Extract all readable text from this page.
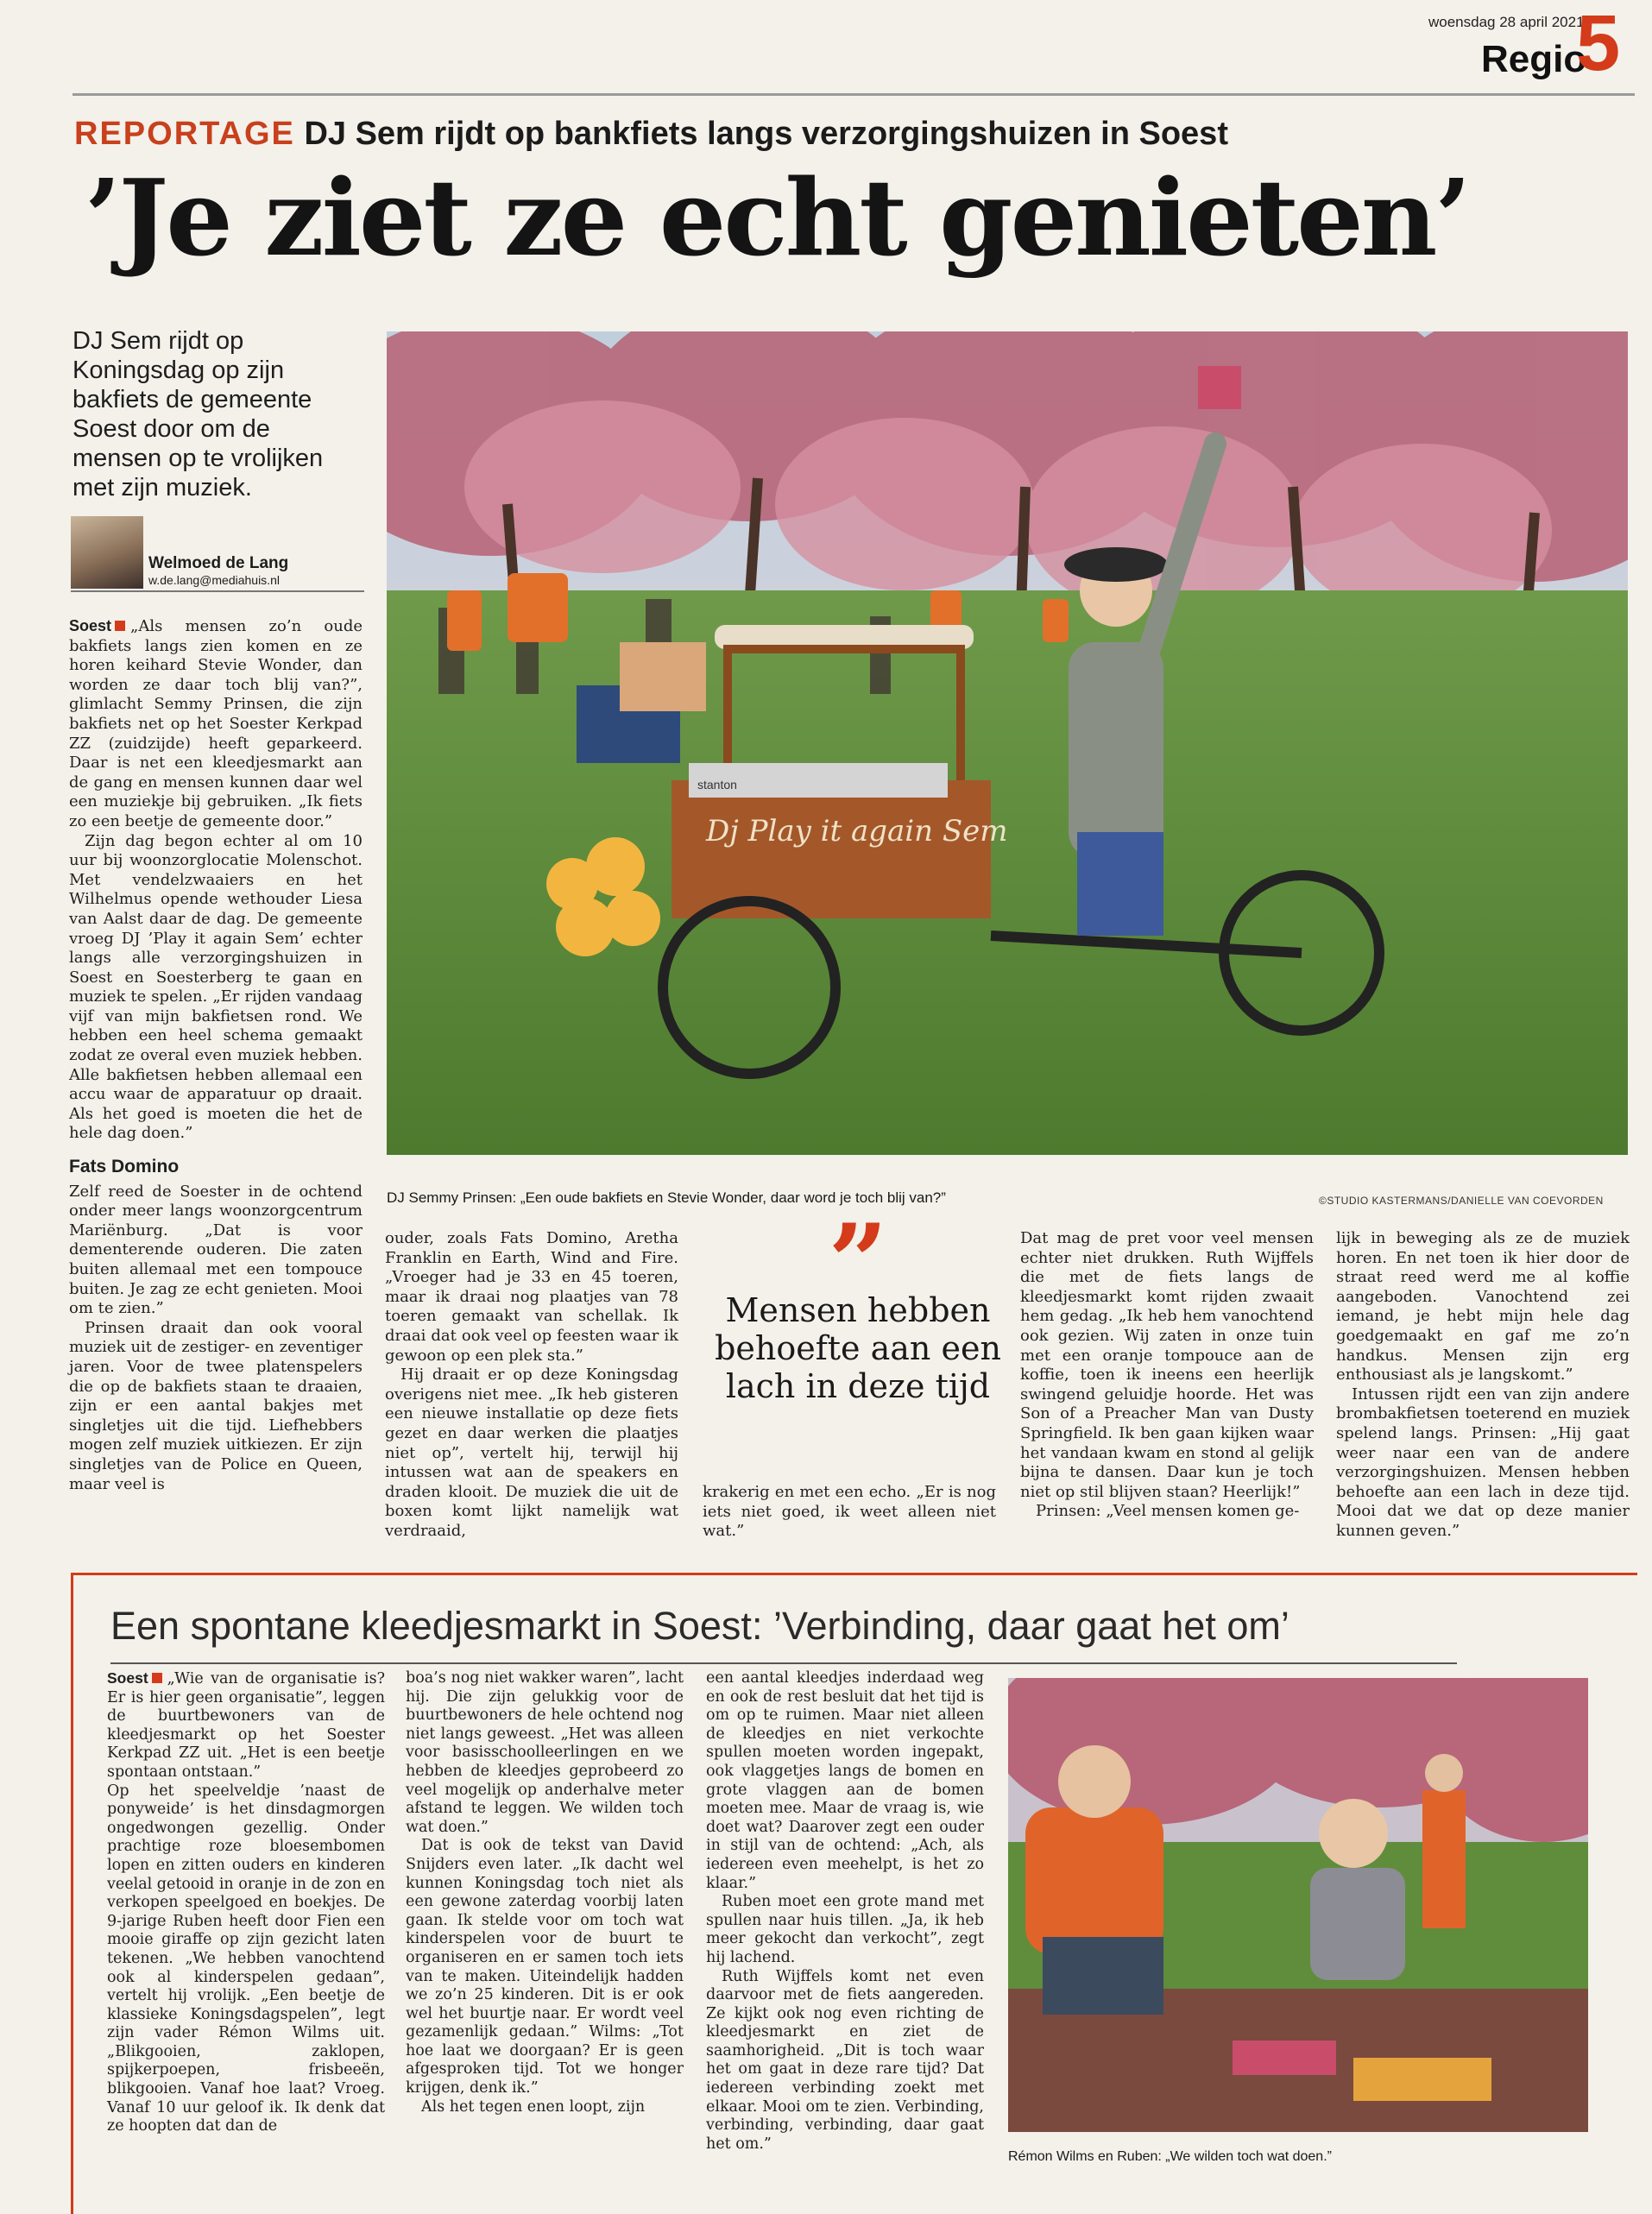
woensdag 28 april 2021
Regio
5
REPORTAGE DJ Sem rijdt op bankfiets langs verzorgingshuizen in Soest
’Je ziet ze echt genieten’
DJ Sem rijdt op Koningsdag op zijn bakfiets de gemeente Soest door om de mensen op te vrolijken met zijn muziek.
Welmoed de Lang
w.de.lang@mediahuis.nl
Dj Play it again Sem
stanton
DJ Semmy Prinsen: „Een oude bakfiets en Stevie Wonder, daar word je toch blij van?”	©STUDIO KASTERMANS/DANIELLE VAN COEVORDEN

Soest „Als mensen zo’n oude bakfiets langs zien komen en ze horen keihard Stevie Wonder, dan worden ze daar toch blij van?”, glimlacht Semmy Prinsen, die zijn bakfiets net op het Soester Kerkpad ZZ (zuidzijde) heeft geparkeerd. Daar is net een kleedjesmarkt aan de gang en mensen kunnen daar wel een muziekje bij gebruiken. „Ik fiets zo een beetje de gemeente door.”

Zijn dag begon echter al om 10 uur bij woonzorglocatie Molenschot. Met vendelzwaaiers en het Wilhelmus opende wethouder Liesa van Aalst daar de dag. De gemeente vroeg DJ ’Play it again Sem’ echter langs alle verzorgingshuizen in Soest en Soesterberg te gaan en muziek te spelen. „Er rijden vandaag vijf van mijn bakfietsen rond. We hebben een heel schema gemaakt zodat ze overal even muziek hebben. Alle bakfietsen hebben allemaal een accu waar de apparatuur op draait. Als het goed is moeten die het de hele dag doen.”

Fats Domino

Zelf reed de Soester in de ochtend onder meer langs woonzorgcentrum Mariënburg. „Dat is voor dementerende ouderen. Die zaten buiten allemaal met een tompouce buiten. Je zag ze echt genieten. Mooi om te zien.”

Prinsen draait dan ook vooral muziek uit de zestiger- en zeventiger jaren. Voor de twee platenspelers die op de bakfiets staan te draaien, zijn er een aantal bakjes met singletjes uit die tijd. Liefhebbers mogen zelf muziek uitkiezen. Er zijn singletjes van de Police en Queen, maar veel is

ouder, zoals Fats Domino, Aretha Franklin en Earth, Wind and Fire. „Vroeger had je 33 en 45 toeren, maar ik draai nog plaatjes van 78 toeren gemaakt van schellak. Ik draai dat ook veel op feesten waar ik gewoon op een plek sta.”

Hij draait er op deze Koningsdag overigens niet mee. „Ik heb gisteren een nieuwe installatie op deze fiets gezet en daar werken die plaatjes niet op”, vertelt hij, terwijl hij intussen wat aan de speakers en draden klooit. De muziek die uit de boxen komt lijkt namelijk wat verdraaid,

”
Mensen hebben behoefte aan een lach in deze tijd

krakerig en met een echo. „Er is nog iets niet goed, ik weet alleen niet wat.”

Dat mag de pret voor veel mensen echter niet drukken. Ruth Wijffels die met de fiets langs de kleedjesmarkt komt rijden zwaait hem gedag. „Ik heb hem vanochtend ook gezien. Wij zaten in onze tuin met een oranje tompouce aan de koffie, toen ik ineens een heerlijk swingend geluidje hoorde. Het was Son of a Preacher Man van Dusty Springfield. Ik ben gaan kijken waar het vandaan kwam en stond al gelijk bijna te dansen. Daar kun je toch niet op stil blijven staan? Heerlijk!”

Prinsen: „Veel mensen komen ge-

lijk in beweging als ze de muziek horen. En net toen ik hier door de straat reed werd me al koffie aangeboden. Vanochtend zei iemand, je hebt mijn hele dag goedgemaakt en gaf me zo’n handkus. Mensen zijn erg enthousiast als je langskomt.”

Intussen rijdt een van zijn andere brombakfietsen toeterend en muziek spelend langs. Prinsen: „Hij gaat weer naar een van de andere verzorgingshuizen. Mensen hebben behoefte aan een lach in deze tijd. Mooi dat we dat op deze manier kunnen geven.”

Een spontane kleedjesmarkt in Soest: ’Verbinding, daar gaat het om’

Soest „Wie van de organisatie is? Er is hier geen organisatie”, leggen de buurtbewoners van de kleedjesmarkt op het Soester Kerkpad ZZ uit. „Het is een beetje spontaan ontstaan.”

Op het speelveldje ’naast de ponyweide’ is het dinsdagmorgen ongedwongen gezellig. Onder prachtige roze bloesembomen lopen en zitten ouders en kinderen veelal getooid in oranje in de zon en verkopen speelgoed en boekjes. De 9-jarige Ruben heeft door Fien een mooie giraffe op zijn gezicht laten tekenen. „We hebben vanochtend ook al kinderspelen gedaan”, vertelt hij vrolijk. „Een beetje de klassieke Koningsdagspelen”, legt zijn vader Rémon Wilms uit. „Blikgooien, zaklopen, spijkerpoepen, frisbeeën, blikgooien. Vanaf hoe laat? Vroeg. Vanaf 10 uur geloof ik. Ik denk dat ze hoopten dat dan de

boa’s nog niet wakker waren”, lacht hij. Die zijn gelukkig voor de buurtbewoners de hele ochtend nog niet langs geweest. „Het was alleen voor basisschoolleerlingen en we hebben de kleedjes geprobeerd zo veel mogelijk op anderhalve meter afstand te leggen. We wilden toch wat doen.”

Dat is ook de tekst van David Snijders even later. „Ik dacht wel kunnen Koningsdag toch niet als een gewone zaterdag voorbij laten gaan. Ik stelde voor om toch wat kinderspelen voor de buurt te organiseren en er samen toch iets van te maken. Uiteindelijk hadden we zo’n 25 kinderen. Dit is er ook wel het buurtje naar. Er wordt veel gezamenlijk gedaan.” Wilms: „Tot hoe laat we doorgaan? Er is geen afgesproken tijd. Tot we honger krijgen, denk ik.”

Als het tegen enen loopt, zijn

een aantal kleedjes inderdaad weg en ook de rest besluit dat het tijd is om op te ruimen. Maar niet alleen de kleedjes en niet verkochte spullen moeten worden ingepakt, ook vlaggetjes langs de bomen en grote vlaggen aan de bomen moeten mee. Maar de vraag is, wie doet wat? Daarover zegt een ouder in stijl van de ochtend: „Ach, als iedereen even meehelpt, is het zo klaar.”

Ruben moet een grote mand met spullen naar huis tillen. „Ja, ik heb meer gekocht dan verkocht”, zegt hij lachend.

Ruth Wijffels komt net even daarvoor met de fiets aangereden. Ze kijkt ook nog even richting de kleedjesmarkt en ziet de saamhorigheid. „Dit is toch waar het om gaat in deze rare tijd? Dat iedereen verbinding zoekt met elkaar. Mooi om te zien. Verbinding, verbinding, verbinding, daar gaat het om.”

Rémon Wilms en Ruben: „We wilden toch wat doen.”
